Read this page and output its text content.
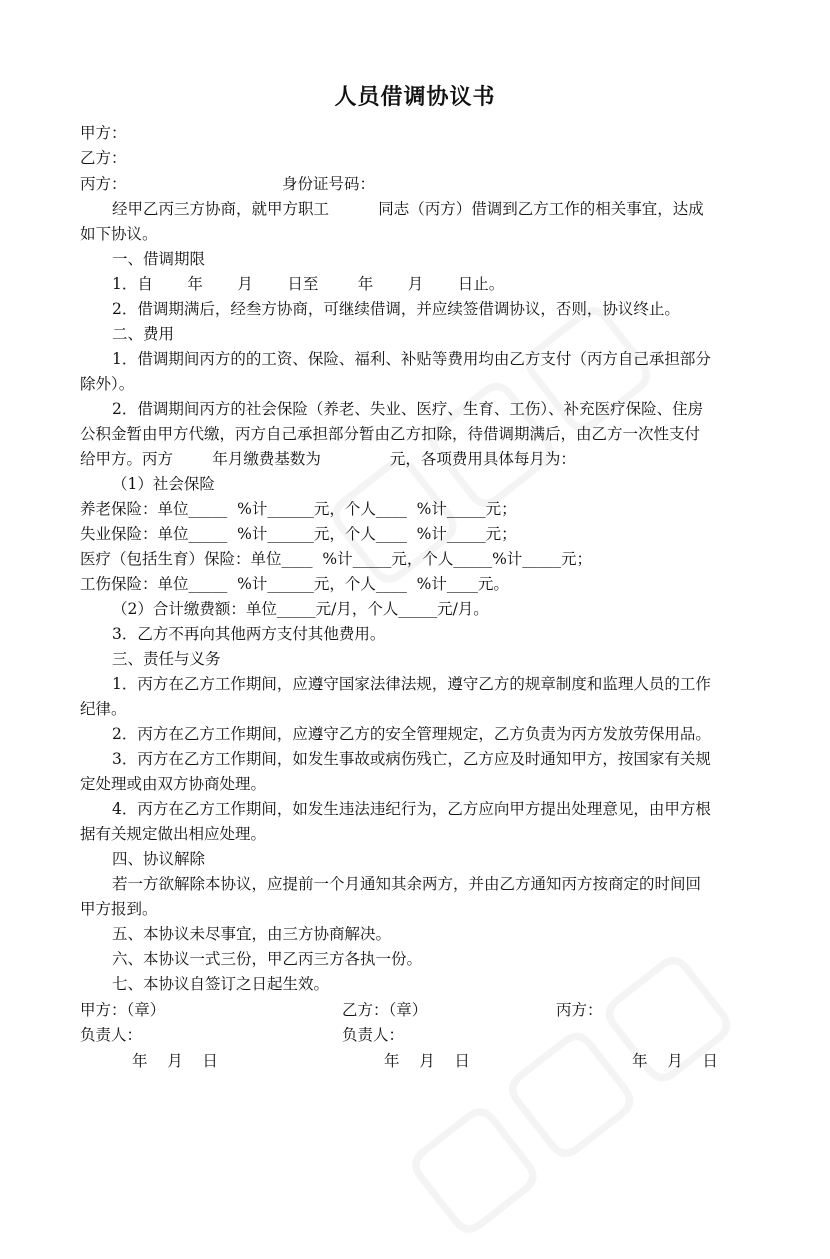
人员借调协议书
甲方：
乙方：
丙方：	身份证号码：
经甲乙丙三方协商，就甲方职工          同志（丙方）借调到乙方工作的相关事宜，达成
如下协议。
一、借调期限
1．自       年       月       日至        年       月       日止。
2．借调期满后，经叁方协商，可继续借调，并应续签借调协议，否则，协议终止。
二、费用
1．借调期间丙方的的工资、保险、福利、补贴等费用均由乙方支付（丙方自己承担部分
除外）。
2．借调期间丙方的社会保险（养老、失业、医疗、生育、工伤）、补充医疗保险、住房
公积金暂由甲方代缴，丙方自己承担部分暂由乙方扣除，待借调期满后，由乙方一次性支付
给甲方。丙方        年月缴费基数为              元，各项费用具体每月为：
（1）社会保险
养老保险：单位_____  %计______元，个人____  %计_____元；
失业保险：单位_____  %计______元，个人____  %计_____元；
医疗（包括生育）保险：单位____  %计_____元，个人_____%计_____元；
工伤保险：单位_____  %计______元，个人____  %计____元。
（2）合计缴费额：单位_____元/月，个人_____元/月。
3．乙方不再向其他两方支付其他费用。
三、责任与义务
1．丙方在乙方工作期间，应遵守国家法律法规，遵守乙方的规章制度和监理人员的工作
纪律。
2．丙方在乙方工作期间，应遵守乙方的安全管理规定，乙方负责为丙方发放劳保用品。
3．丙方在乙方工作期间，如发生事故或病伤残亡，乙方应及时通知甲方，按国家有关规
定处理或由双方协商处理。
4．丙方在乙方工作期间，如发生违法违纪行为，乙方应向甲方提出处理意见，由甲方根
据有关规定做出相应处理。
四、协议解除
若一方欲解除本协议，应提前一个月通知其余两方，并由乙方通知丙方按商定的时间回
甲方报到。
五、本协议未尽事宜，由三方协商解决。
六、本协议一式三份，甲乙丙三方各执一份。
七、本协议自签订之日起生效。
甲方：（章）	乙方：（章）	丙方：
负责人：	负责人：
年    月    日	年    月    日	年    月    日
